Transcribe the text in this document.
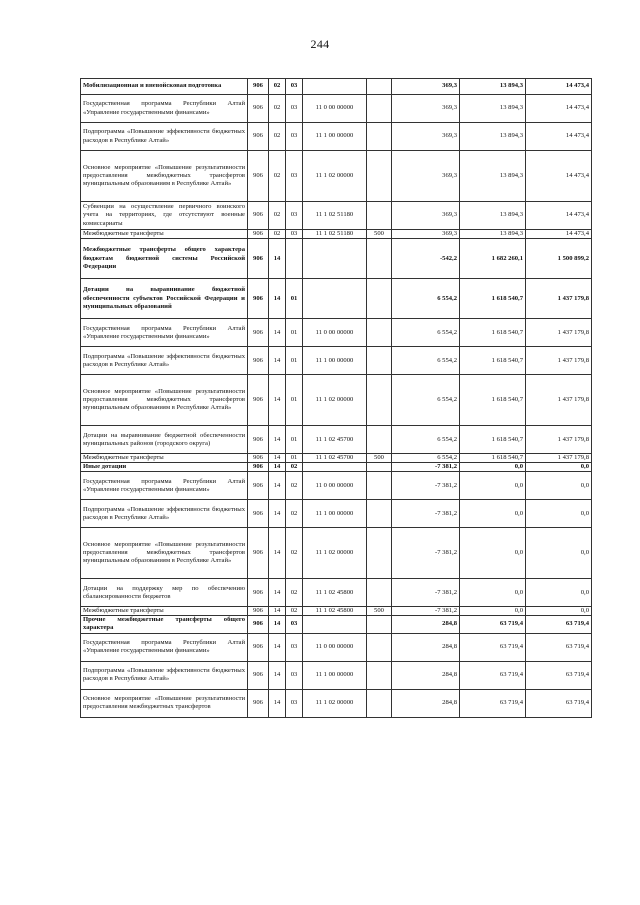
244
Мобилизационная и вневойсковая подготовка	906	02	03			369,3	13 894,3	14 473,4
Государственная программа Республики Алтай «Управление государственными финансами»	906	02	03	11 0 00 00000		369,3	13 894,3	14 473,4
Подпрограмма «Повышение эффективности бюджетных расходов в Республике Алтай»	906	02	03	11 1 00 00000		369,3	13 894,3	14 473,4
Основное мероприятие «Повышение результативности предоставления межбюджетных трансфертов муниципальным образованиям в Республике Алтай»	906	02	03	11 1 02 00000		369,3	13 894,3	14 473,4
Субвенции на осуществление первичного воинского учета на территориях, где отсутствуют военные комиссариаты	906	02	03	11 1 02 51180		369,3	13 894,3	14 473,4
Межбюджетные трансферты	906	02	03	11 1 02 51180	500	369,3	13 894,3	14 473,4
Межбюджетные трансферты общего характера бюджетам бюджетной системы Российской Федерации	906	14				-542,2	1 682 260,1	1 500 899,2
Дотации на выравнивание бюджетной обеспеченности субъектов Российской Федерации и муниципальных образований	906	14	01			6 554,2	1 618 540,7	1 437 179,8
Государственная программа Республики Алтай «Управление государственными финансами»	906	14	01	11 0 00 00000		6 554,2	1 618 540,7	1 437 179,8
Подпрограмма «Повышение эффективности бюджетных расходов в Республике Алтай»	906	14	01	11 1 00 00000		6 554,2	1 618 540,7	1 437 179,8
Основное мероприятие «Повышение результативности предоставления межбюджетных трансфертов муниципальным образованиям в Республике Алтай»	906	14	01	11 1 02 00000		6 554,2	1 618 540,7	1 437 179,8
Дотации на выравнивание бюджетной обеспеченности муниципальных районов (городского округа)	906	14	01	11 1 02 45700		6 554,2	1 618 540,7	1 437 179,8
Межбюджетные трансферты	906	14	01	11 1 02 45700	500	6 554,2	1 618 540,7	1 437 179,8
Иные дотации	906	14	02			-7 381,2	0,0	0,0
Государственная программа Республики Алтай «Управление государственными финансами»	906	14	02	11 0 00 00000		-7 381,2	0,0	0,0
Подпрограмма «Повышение эффективности бюджетных расходов в Республике Алтай»	906	14	02	11 1 00 00000		-7 381,2	0,0	0,0
Основное мероприятие «Повышение результативности предоставления межбюджетных трансфертов муниципальным образованиям в Республике Алтай»	906	14	02	11 1 02 00000		-7 381,2	0,0	0,0
Дотации на поддержку мер по обеспечению сбалансированности бюджетов	906	14	02	11 1 02 45800		-7 381,2	0,0	0,0
Межбюджетные трансферты	906	14	02	11 1 02 45800	500	-7 381,2	0,0	0,0
Прочие межбюджетные трансферты общего характера	906	14	03			284,8	63 719,4	63 719,4
Государственная программа Республики Алтай «Управление государственными финансами»	906	14	03	11 0 00 00000		284,8	63 719,4	63 719,4
Подпрограмма «Повышение эффективности бюджетных расходов в Республике Алтай»	906	14	03	11 1 00 00000		284,8	63 719,4	63 719,4
Основное мероприятие «Повышение результативности предоставления межбюджетных трансфертов	906	14	03	11 1 02 00000		284,8	63 719,4	63 719,4
